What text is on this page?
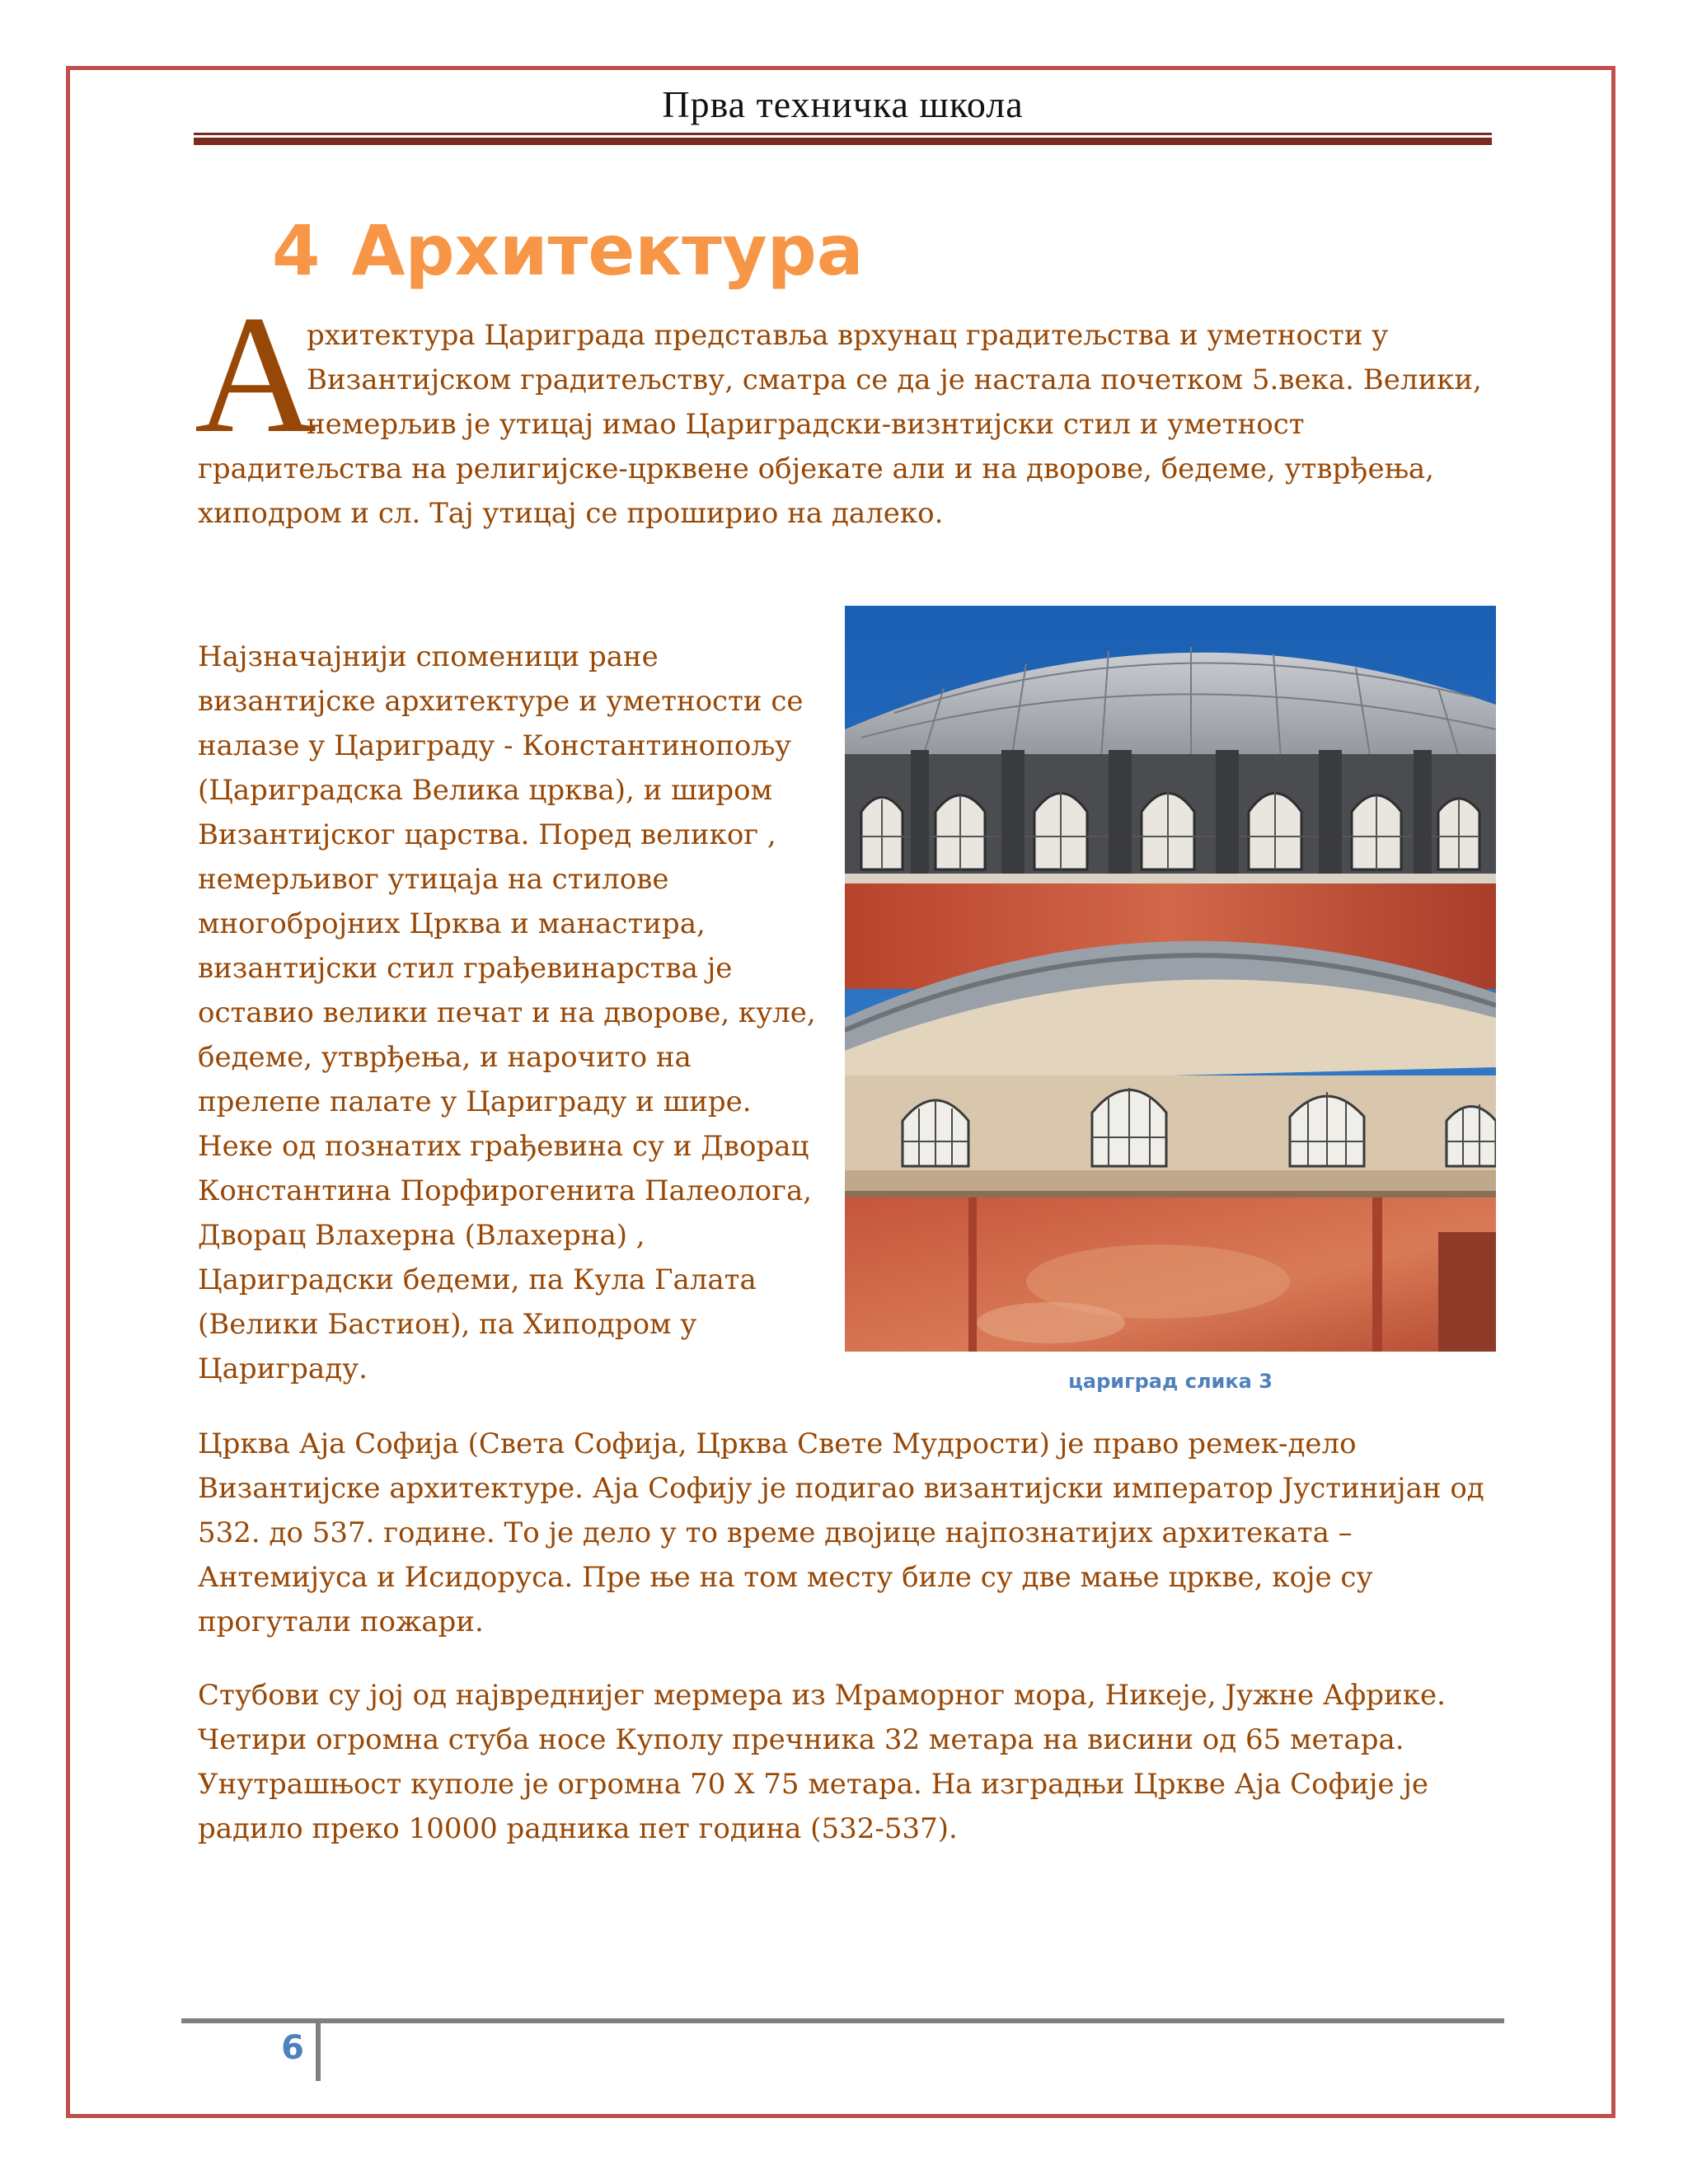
Прва техничка школа
4 Архитектура
А
рхитектура Цариграда представља врхунац градитељства и уметности у
Византијском градитељству, сматра се да је настала почетком 5.века. Велики,
немерљив је утицај имао Цариградски-визнтијски стил и уметност
градитељства на религијске-црквене објекате али и на дворове, бедеме, утврђења,
хиподром и сл. Тај утицај се проширио на далеко.
Најзначајнији споменици ране
византијске архитектуре и уметности се
налазе у Цариграду - Константинопољу
(Цариградска Велика црква), и широм
Византијског царства. Поред великог ,
немерљивог утицаја на стилове
многобројних Црква и манастира,
византијски стил грађевинарства је
оставио велики печат и на дворове, куле,
бедеме, утврђења, и нарочито на
прелепе палате у Цариграду и шире.
Неке од познатих грађевина су и Дворац
Константина Порфирогенита Палеолога,
Дворац Влахерна (Влахерна) ,
Цариградски бедеми, па Кула Галата
(Велики Бастион), па Хиподром у
Цариграду.	цариград слика 3
Црква Аја Софија (Света Софија, Црква Свете Мудрости) је право ремек-дело
Византијске архитектуре. Аја Софију је подигао византијски император Јустинијан од
532. до 537. године. То је дело у то време двојице најпознатијих архитеката –
Антемијуса и Исидоруса. Пре ње на том месту биле су две мање цркве, које су
прогутали пожари.
Стубови су јој од највреднијег мермера из Мраморног мора, Никеје, Јужне Африке.
Четири огромна стуба носе Куполу пречника 32 метара на висини од 65 метара.
Унутрашњост куполе је огромна 70 Х 75 метара. На изградњи Цркве Аја Софије је
радило преко 10000 радника пет година (532-537).
6
